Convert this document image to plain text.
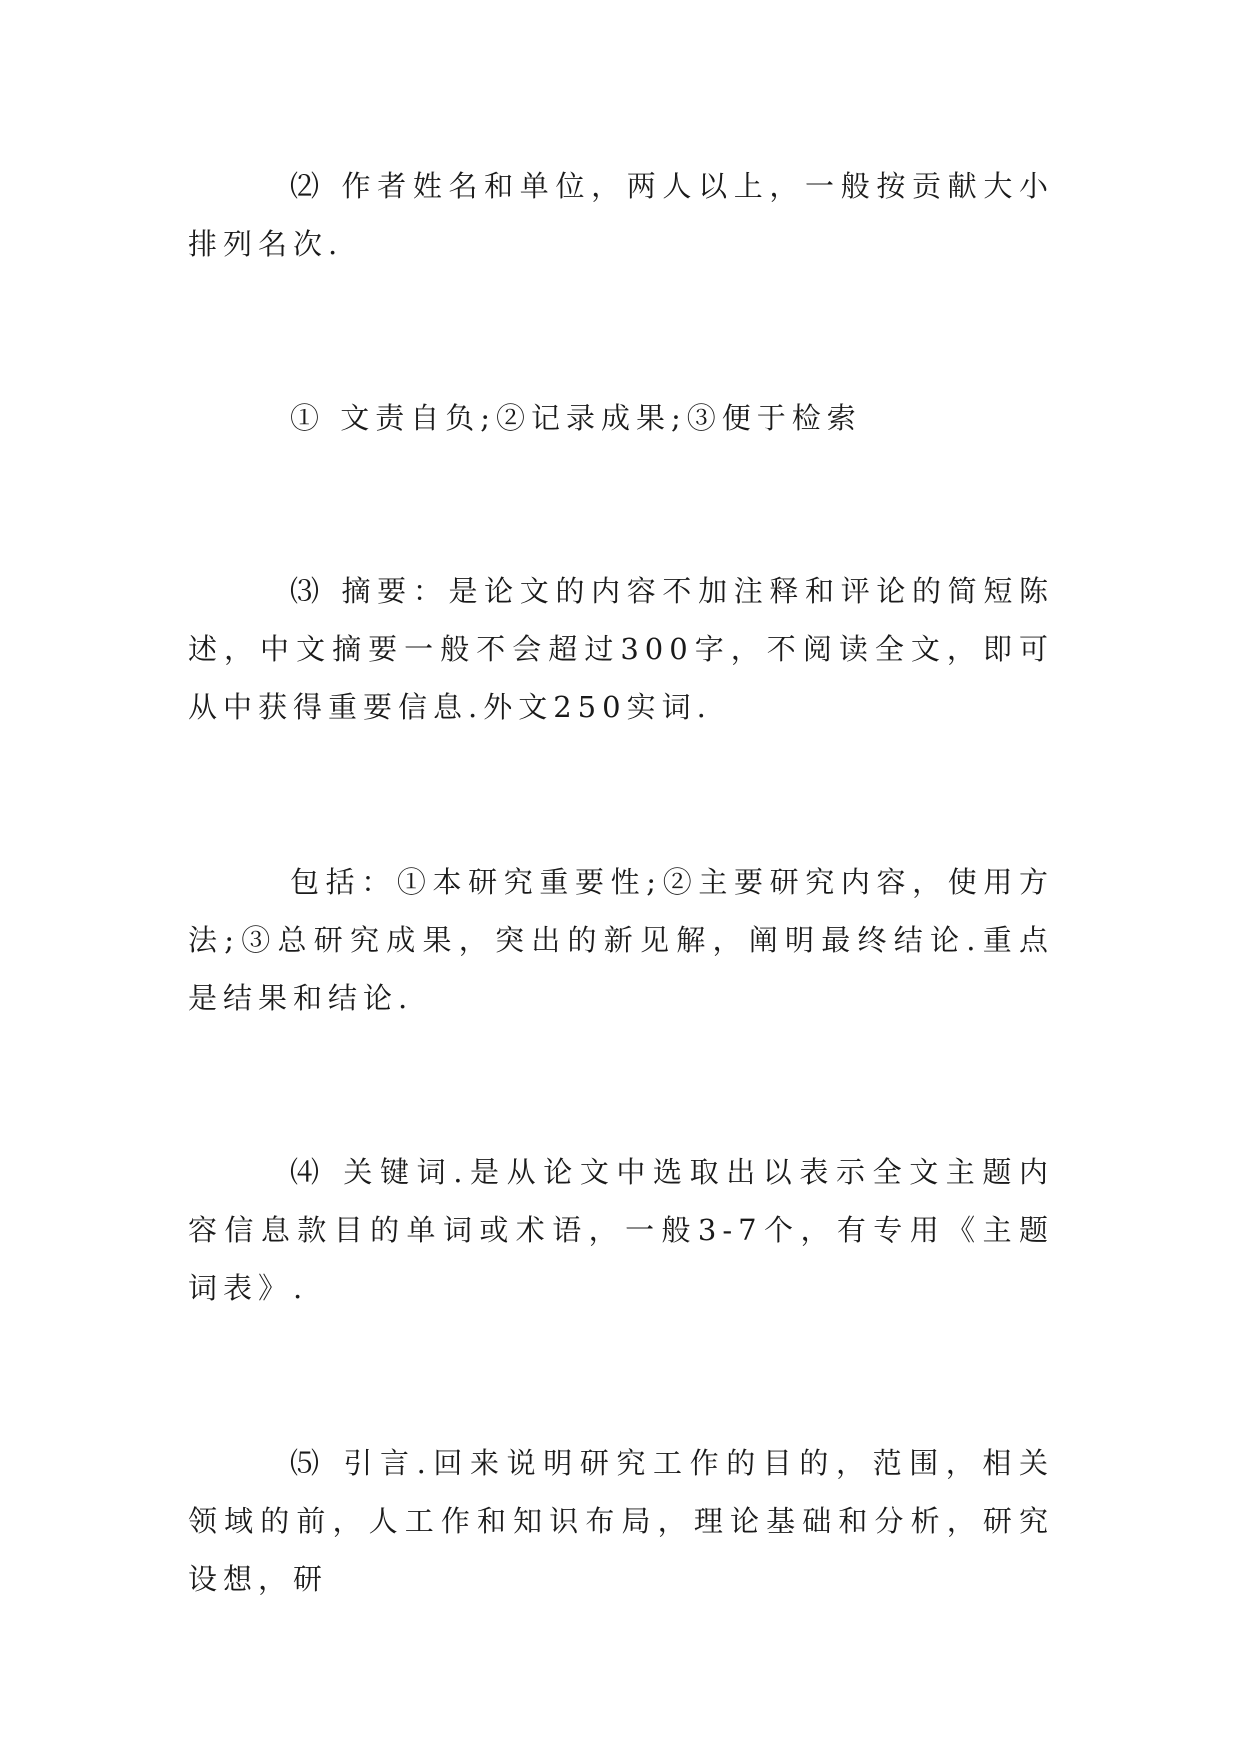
⑵ 作者姓名和单位，两人以上，一般按贡献大小排列名次.

① 文责自负;②记录成果;③便于检索

⑶ 摘要：是论文的内容不加注释和评论的简短陈述，中文摘要一般不会超过300字，不阅读全文，即可从中获得重要信息.外文250实词.

包括：①本研究重要性;②主要研究内容，使用方法;③总研究成果，突出的新见解，阐明最终结论.重点是结果和结论.

⑷ 关键词.是从论文中选取出以表示全文主题内容信息款目的单词或术语，一般3-7个，有专用《主题词表》.

⑸ 引言.回来说明研究工作的目的，范围，相关领域的前，人工作和知识布局，理论基础和分析，研究设想，研
